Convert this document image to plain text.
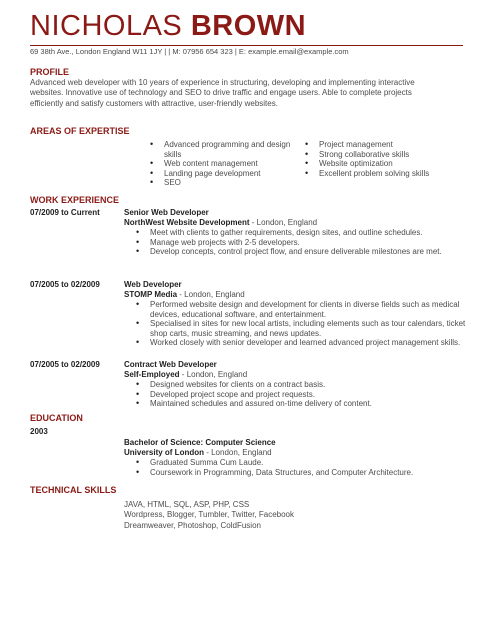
NICHOLAS BROWN
69 38th Ave., London England W11 1JY | | M: 07956 654 323 | E: example.email@example.com
PROFILE
Advanced web developer with 10 years of experience in structuring, developing and implementing interactive websites. Innovative use of technology and SEO to drive traffic and engage users. Able to complete projects efficiently and satisfy customers with attractive, user-friendly websites.
AREAS OF EXPERTISE
• Advanced programming and design skills
• Web content management
• Landing page development
• SEO
• Project management
• Strong collaborative skills
• Website optimization
• Excellent problem solving skills
WORK EXPERIENCE
07/2009 to Current	Senior Web Developer
NorthWest Website Development - London, England
• Meet with clients to gather requirements, design sites, and outline schedules.
• Manage web projects with 2-5 developers.
• Develop concepts, control project flow, and ensure deliverable milestones are met.
07/2005 to 02/2009	Web Developer
STOMP Media - London, England
• Performed website design and development for clients in diverse fields such as medical devices, educational software, and entertainment.
• Specialised in sites for new local artists, including elements such as tour calendars, ticket shop carts, music streaming, and news updates.
• Worked closely with senior developer and learned advanced project management skills.
07/2005 to 02/2009	Contract Web Developer
Self-Employed - London, England
• Designed websites for clients on a contract basis.
• Developed project scope and project requests.
• Maintained schedules and assured on-time delivery of content.
EDUCATION
2003
Bachelor of Science: Computer Science
University of London - London, England
• Graduated Summa Cum Laude.
• Coursework in Programming, Data Structures, and Computer Architecture.
TECHNICAL SKILLS
JAVA, HTML, SQL, ASP, PHP, CSS
Wordpress, Blogger, Tumbler, Twitter, Facebook
Dreamweaver, Photoshop, ColdFusion
